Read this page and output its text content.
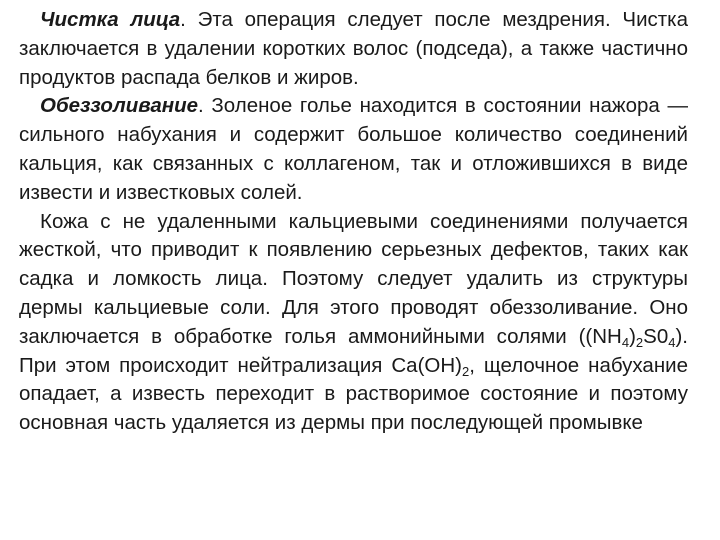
Чистка лица. Эта операция следует после мездрения. Чистка заключается в удалении коротких волос (подседа), а также частично продуктов распада белков и жиров.

Обеззоливание. Золеное голье находится в состоянии нажора — сильного набухания и содержит большое количество соединений кальция, как связанных с коллагеном, так и отложившихся в виде извести и известковых солей.

Кожа с не удаленными кальциевыми соединениями получается жесткой, что приводит к появлению серьезных дефектов, таких как садка и ломкость лица. Поэтому следует удалить из структуры дермы кальциевые соли. Для этого проводят обеззоливание. Оно заключается в обработке голья аммонийными солями $((NH_4)_2S0_4)$. При этом происходит нейтрализация $Ca(OH)_2$, щелочное набухание опадает, а известь переходит в растворимое состояние и поэтому основная часть удаляется из дермы при последующей промывке
